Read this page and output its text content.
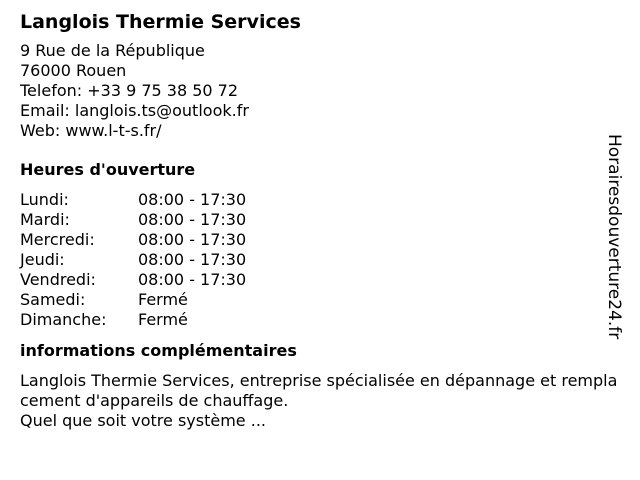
Langlois Thermie Services
9 Rue de la République
76000 Rouen
Telefon: +33 9 75 38 50 72
Email: langlois.ts@outlook.fr
Web: www.l-t-s.fr/
Heures d'ouverture
Lundi:	08:00 - 17:30
Mardi:	08:00 - 17:30
Mercredi:	08:00 - 17:30
Jeudi:	08:00 - 17:30
Vendredi:	08:00 - 17:30
Samedi:	Fermé
Dimanche:	Fermé
informations complémentaires
Langlois Thermie Services, entreprise spécialisée en dépannage et remplacement d'appareils de chauffage.
Quel que soit votre système ...
Horairesdouverture24.fr
